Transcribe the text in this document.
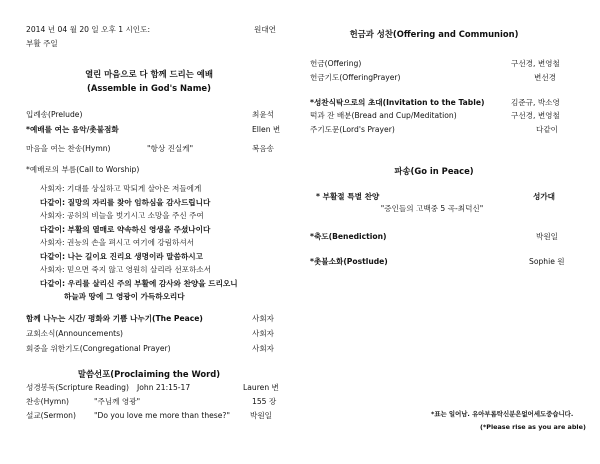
2014 년 04 월 20 일 오후 1 시인도:	원대연
부활 주일
열린 마음으로 다 함께 드리는 예배
(Assemble in God's Name)
입례송(Prelude)	최윤석
*예배를 여는 음악/촛불점화	Ellen 변
마음을 여는 찬송(Hymn)	"항상 진실케"	복음송
*예배로의 부름(Call to Worship)
사회자: 기대를 상실하고 막되게 살아온 저들에게
다같이: 질망의 자리를 찾아 임하심을 감사드립니다
사회자: 공허의 비늘을 벗기시고 소망을 주신 주여
다같이: 부활의 열매로 약속하신 영생을 주셨나이다
사회자: 권능의 손을 펴시고 여기에 강림하셔서
다같이: 나는 길이요 진리요 생명이라 말씀하시고
사회자: 믿으면 죽지 않고 영원히 살리라 선포하소서
다같이: 우리를 살리신 주의 부활에 감사와 찬양을 드리오니
하늘과 땅에 그 영광이 가득하오리다
함께 나누는 시간/ 평화와 기쁨 나누기(The Peace)	사회자
교회소식(Announcements)	사회자
회중을 위한기도(Congregational Prayer)	사회자
말씀선포(Proclaiming the Word)
성경봉독(Scripture Reading) John 21:15-17	Lauren 변
찬송(Hymn)	"주님께 영광"	155 장
설교(Sermon) "Do you love me more than these?"	박원일
헌금과 성찬(Offering and Communion)
헌금(Offering)	구선경, 변영철
헌금기도(OfferingPrayer)	변선경
*성찬식탁으로의 초대(Invitation to the Table)	김준규, 박소영
떡과 잔 배분(Bread and Cup/Meditation)	구선경, 변영철
주기도문(Lord's Prayer)	다같이
파송(Go in Peace)
* 부활절 특별 찬양	성가대
"증인들의 고백중 5 곡-최덕신"
*축도(Benediction)	박원일
*촛불소화(Postlude)	Sophie 원
*표는 일어남. 유아부롬탁신분은없어세도중습니다.
(*Please rise as you are able)
